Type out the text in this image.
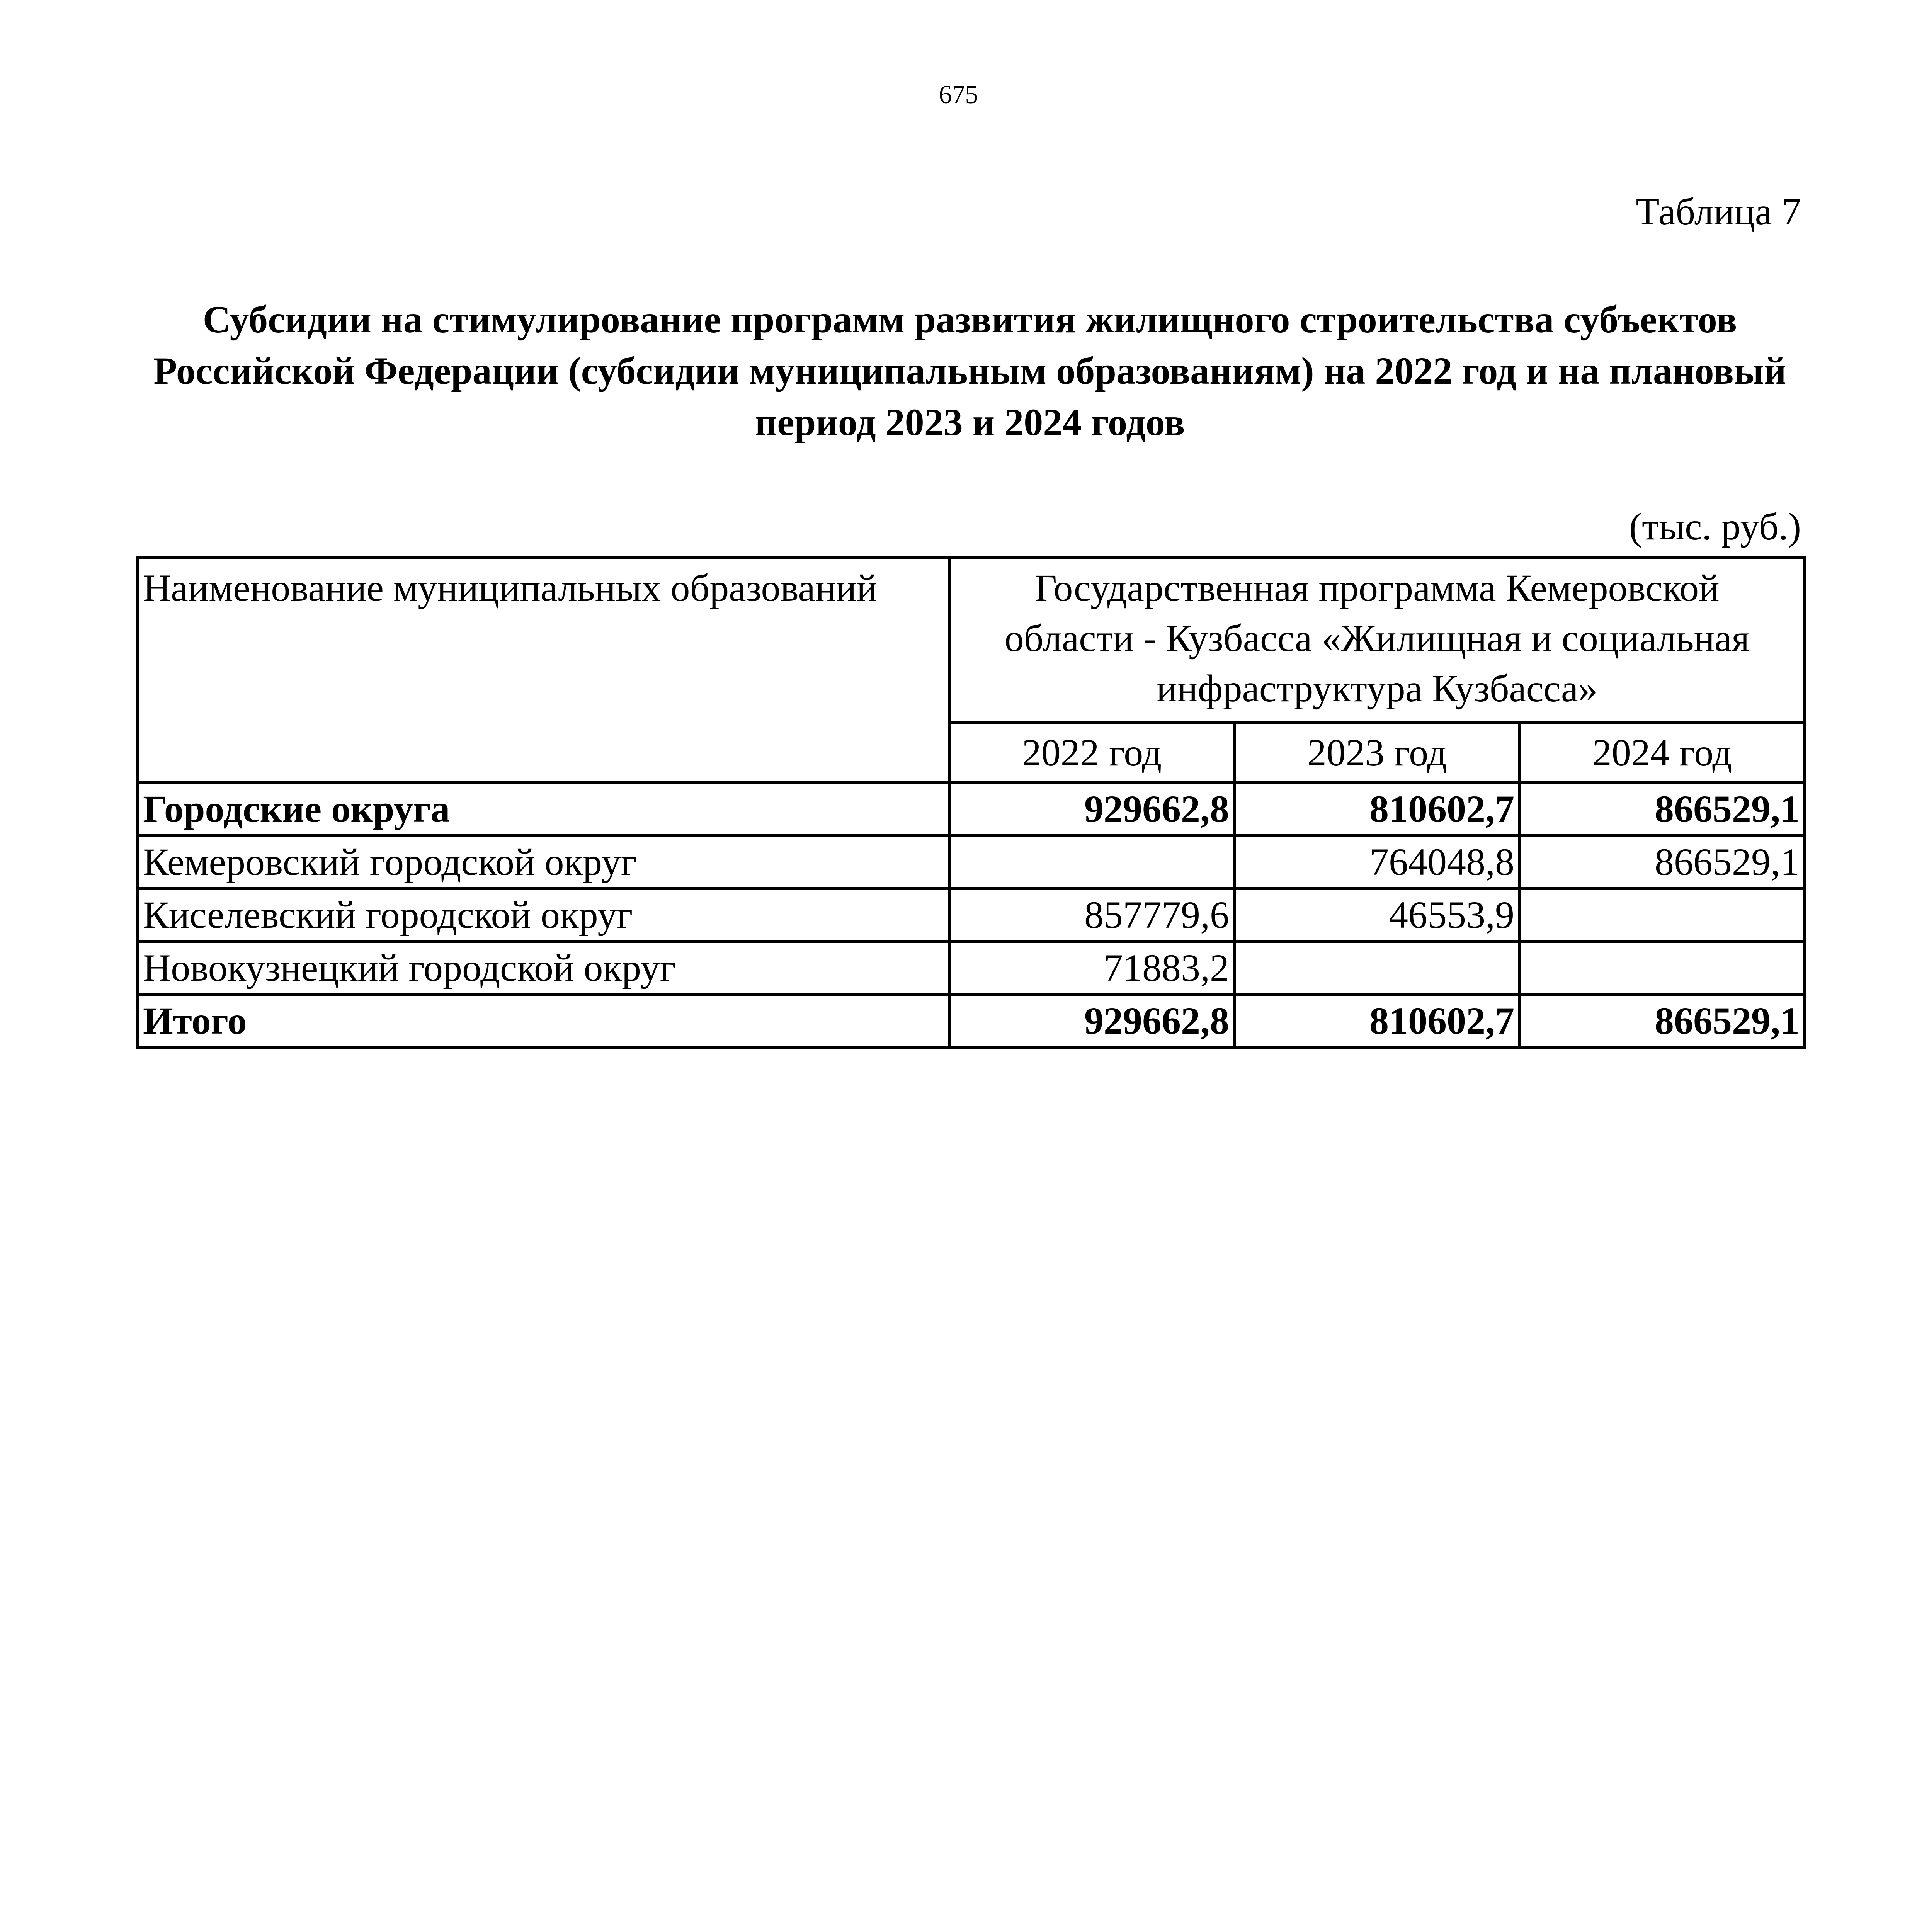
675
Таблица 7
Субсидии на стимулирование программ развития жилищного строительства субъектов Российской Федерации (субсидии муниципальным образованиям) на 2022 год и на плановый период 2023 и 2024 годов
(тыс. руб.)
Наименование муниципальных образований	Государственная программа Кемеровской области - Кузбасса «Жилищная и социальная инфраструктура Кузбасса»		
	2022 год	2023 год	2024 год
Городские округа	929662,8	810602,7	866529,1
Кемеровский городской округ		764048,8	866529,1
Киселевский городской округ	857779,6	46553,9	
Новокузнецкий городской округ	71883,2		
Итого	929662,8	810602,7	866529,1
